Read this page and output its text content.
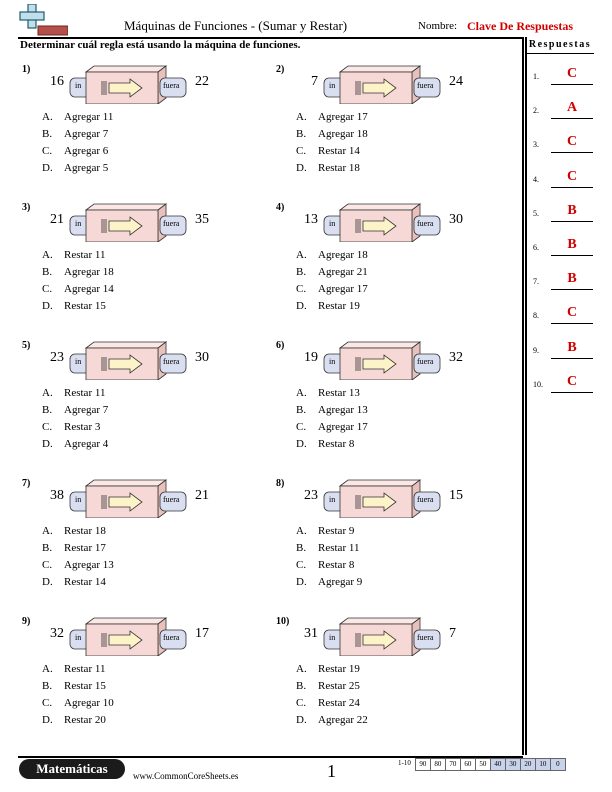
Máquinas de Funciones - (Sumar y Restar)	Nombre: Clave De Respuestas
Determinar cuál regla está usando la máquina de funciones.	Respuestas
1.	C
2.	A
3.	C
4.	C
5.	B
6.	B
7.	B
8.	C
9.	B
10.	C
1)
16 in	fuera 22
A. Agregar 11
B. Agregar 7
C. Agregar 6
D. Agregar 5
2)
7 in	fuera 24
A. Agregar 17
B. Agregar 18
C. Restar 14
D. Restar 18
3)
21 in	fuera 35
A. Restar 11
B. Agregar 18
C. Agregar 14
D. Restar 15
4)
13 in	fuera 30
A. Agregar 18
B. Agregar 21
C. Agregar 17
D. Restar 19
5)
23 in	fuera 30
A. Restar 11
B. Agregar 7
C. Restar 3
D. Agregar 4
6)
19 in	fuera 32
A. Restar 13
B. Agregar 13
C. Agregar 17
D. Restar 8
7)
38 in	fuera 21
A. Restar 18
B. Restar 17
C. Agregar 13
D. Restar 14
8)
23 in	fuera 15
A. Restar 9
B. Restar 11
C. Restar 8
D. Agregar 9
9)
32 in	fuera 17
A. Restar 11
B. Restar 15
C. Agregar 10
D. Restar 20
10)
31 in	fuera 7
A. Restar 19
B. Restar 25
C. Restar 24
D. Agregar 22
Matemáticas	www.CommonCoreSheets.es	1	1-10	90	80	70	60	50	40	30	20	10	0
